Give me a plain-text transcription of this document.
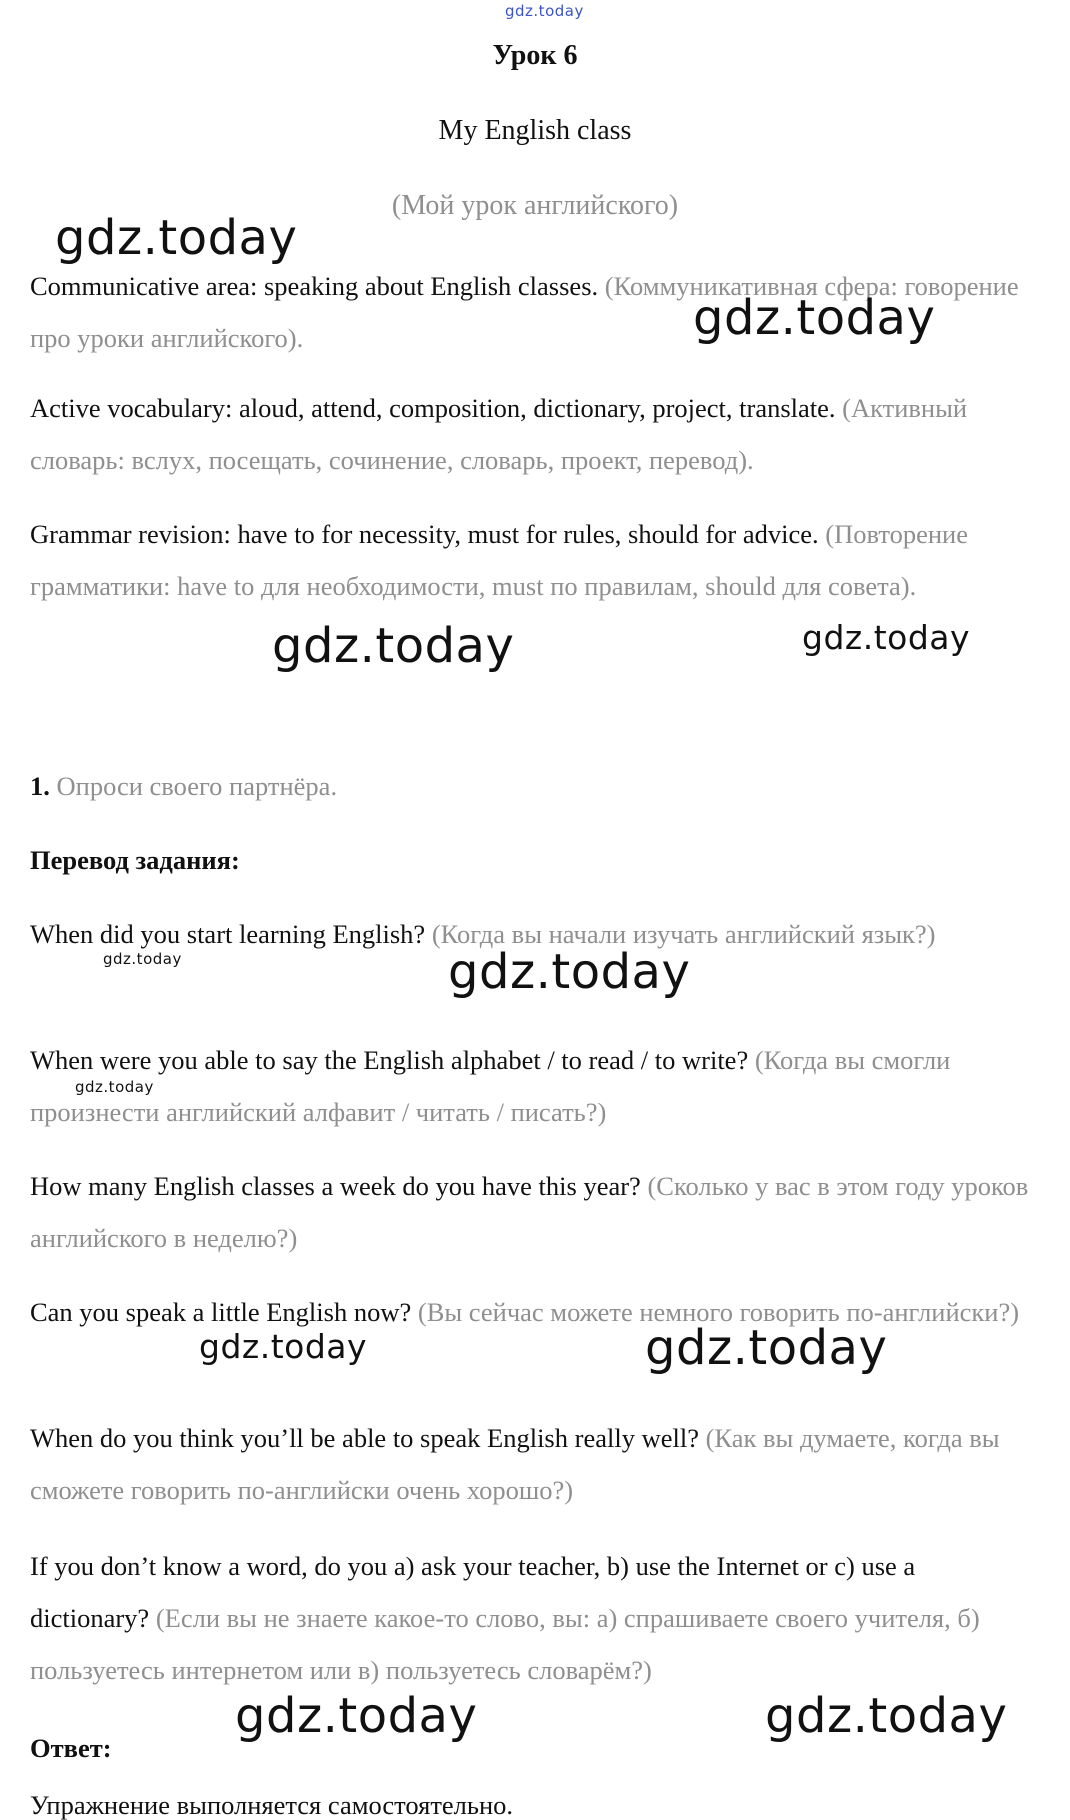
gdz.today
Урок 6
My English class
(Мой урок английского)
Communicative area: speaking about English classes. (Коммуникативная сфера: говорение про уроки английского).
Active vocabulary: aloud, attend, composition, dictionary, project, translate. (Активный словарь: вслух, посещать, сочинение, словарь, проект, перевод).
Grammar revision: have to for necessity, must for rules, should for advice. (Повторение грамматики: have to для необходимости, must по правилам, should для совета).
1. Опроси своего партнёра.
Перевод задания:
When did you start learning English? (Когда вы начали изучать английский язык?)
When were you able to say the English alphabet / to read / to write? (Когда вы смогли произнести английский алфавит / читать / писать?)
How many English classes a week do you have this year? (Сколько у вас в этом году уроков английского в неделю?)
Can you speak a little English now? (Вы сейчас можете немного говорить по-английски?)
When do you think you’ll be able to speak English really well? (Как вы думаете, когда вы сможете говорить по-английски очень хорошо?)
If you don’t know a word, do you a) ask your teacher, b) use the Internet or c) use a dictionary? (Если вы не знаете какое-то слово, вы: а) спрашиваете своего учителя, б) пользуетесь интернетом или в) пользуетесь словарём?)
Ответ:
Упражнение выполняется самостоятельно.
gdz.today
gdz.today
gdz.today	gdz.today
gdz.today	gdz.today
gdz.today
gdz.today	gdz.today
gdz.today	gdz.today
